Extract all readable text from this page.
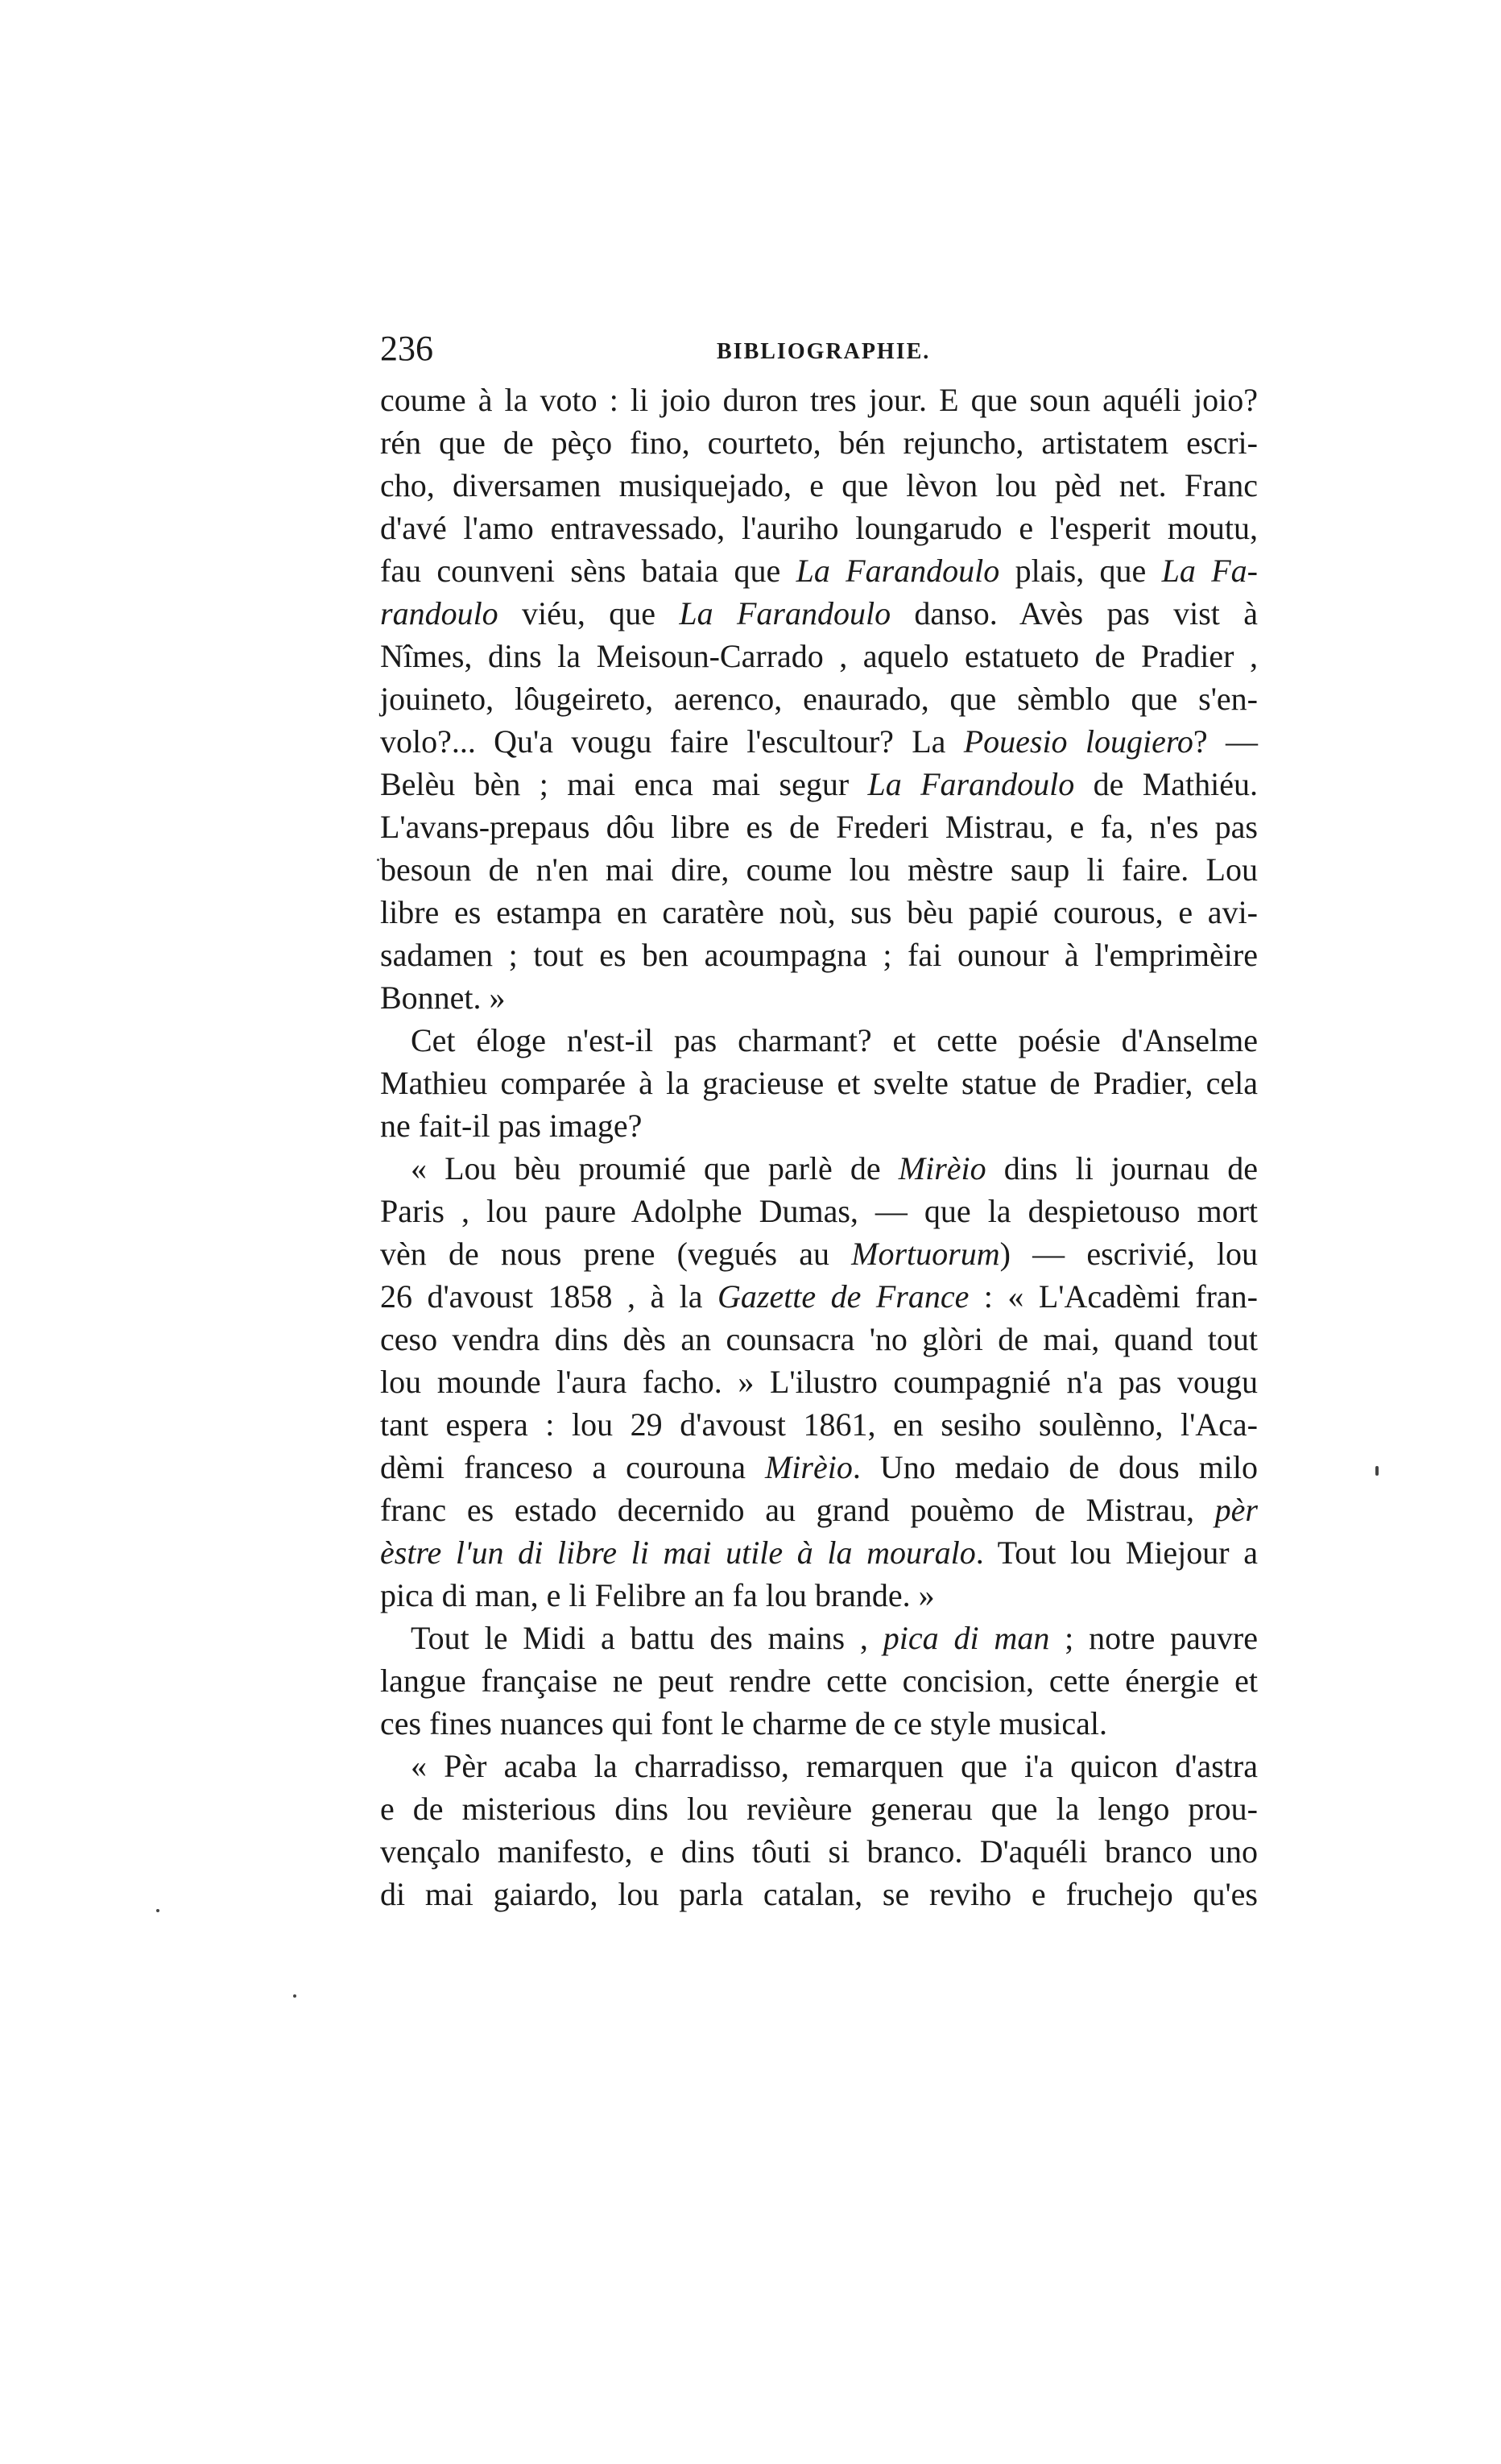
236	BIBLIOGRAPHIE.
coume à la voto : li joio duron tres jour. E que soun aquéli joio?
rén que de pèço fino, courteto, bén rejuncho, artistatem escri-
cho, diversamen musiquejado, e que lèvon lou pèd net. Franc
d'avé l'amo entravessado, l'auriho loungarudo e l'esperit moutu,
fau counveni sèns bataia que La Farandoulo plais, que La Fa-
randoulo viéu, que La Farandoulo danso. Avès pas vist à
Nîmes, dins la Meisoun-Carrado , aquelo estatueto de Pradier ,
jouineto, lôugeireto, aerenco, enaurado, que sèmblo que s'en-
volo?... Qu'a vougu faire l'escultour? La Pouesio lougiero? —
Belèu bèn ; mai enca mai segur La Farandoulo de Mathiéu.
L'avans-prepaus dôu libre es de Frederi Mistrau, e fa, n'es pas
besoun de n'en mai dire, coume lou mèstre saup li faire. Lou
libre es estampa en caratère noù, sus bèu papié courous, e avi-
sadamen ; tout es ben acoumpagna ; fai ounour à l'emprimèire
Bonnet. »
Cet éloge n'est-il pas charmant? et cette poésie d'Anselme
Mathieu comparée à la gracieuse et svelte statue de Pradier, cela
ne fait-il pas image?
« Lou bèu proumié que parlè de Mirèio dins li journau de
Paris , lou paure Adolphe Dumas, — que la despietouso mort
vèn de nous prene (vegués au Mortuorum) — escrivié, lou
26 d'avoust 1858 , à la Gazette de France : « L'Acadèmi fran-
ceso vendra dins dès an counsacra 'no glòri de mai, quand tout
lou mounde l'aura facho. » L'ilustro coumpagnié n'a pas vougu
tant espera : lou 29 d'avoust 1861, en sesiho soulènno, l'Aca-
dèmi franceso a courouna Mirèio. Uno medaio de dous milo
franc es estado decernido au grand pouèmo de Mistrau, pèr
èstre l'un di libre li mai utile à la mouralo. Tout lou Miejour a
pica di man, e li Felibre an fa lou brande. »
Tout le Midi a battu des mains , pica di man ; notre pauvre
langue française ne peut rendre cette concision, cette énergie et
ces fines nuances qui font le charme de ce style musical.
« Pèr acaba la charradisso, remarquen que i'a quicon d'astra
e de misterious dins lou revièure generau que la lengo prou-
vençalo manifesto, e dins tôuti si branco. D'aquéli branco uno
di mai gaiardo, lou parla catalan, se reviho e fruchejo qu'es
